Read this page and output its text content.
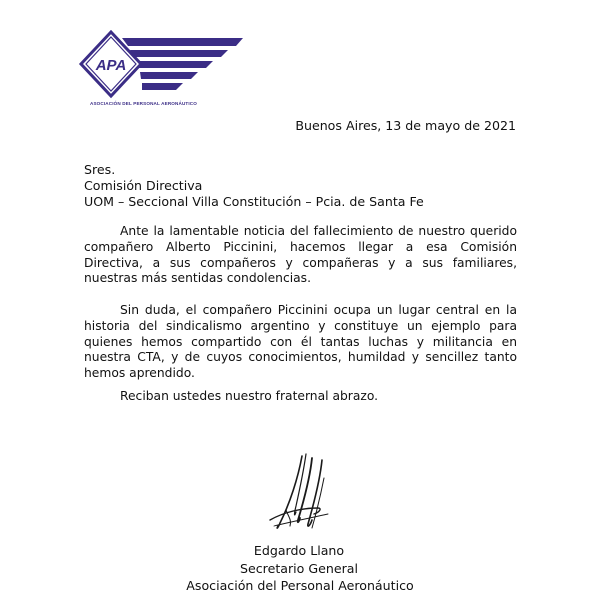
APA
ASOCIACIÓN DEL PERSONAL AERONÁUTICO
Buenos Aires, 13 de mayo de 2021
Sres.
Comisión Directiva
UOM – Seccional Villa Constitución – Pcia. de Santa Fe

Ante la lamentable noticia del fallecimiento de nuestro querido compañero Alberto Piccinini, hacemos llegar a esa Comisión Directiva, a sus compañeros y compañeras y a sus familiares, nuestras más sentidas condolencias.

Sin duda, el compañero Piccinini ocupa un lugar central en la historia del sindicalismo argentino y constituye un ejemplo para quienes hemos compartido con él tantas luchas y militancia en nuestra CTA, y de cuyos conocimientos, humildad y sencillez tanto hemos aprendido.

Reciban ustedes nuestro fraternal abrazo.

Edgardo Llano
Secretario General
Asociación del Personal Aeronáutico
